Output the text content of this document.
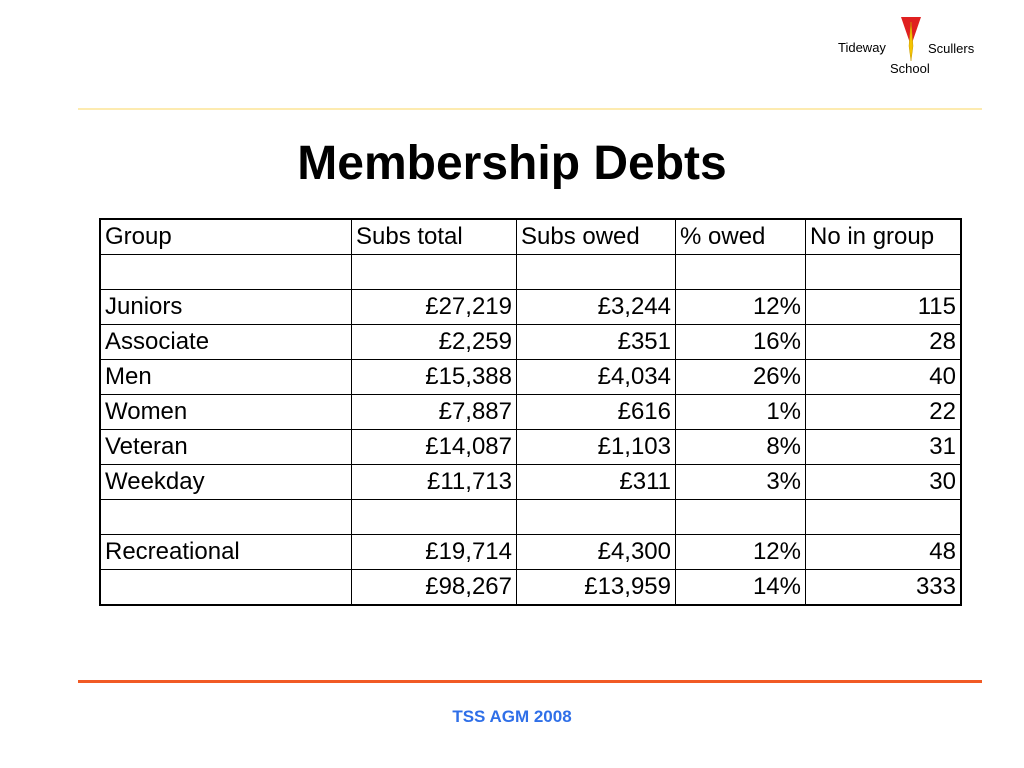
Tideway	Scullers
School
Membership Debts
Group	Subs total	Subs owed	% owed	No in group

Juniors	£27,219	£3,244	12%	115
Associate	£2,259	£351	16%	28
Men	£15,388	£4,034	26%	40
Women	£7,887	£616	1%	22
Veteran	£14,087	£1,103	8%	31
Weekday	£11,713	£311	3%	30

Recreational	£19,714	£4,300	12%	48
	£98,267	£13,959	14%	333
TSS AGM 2008
